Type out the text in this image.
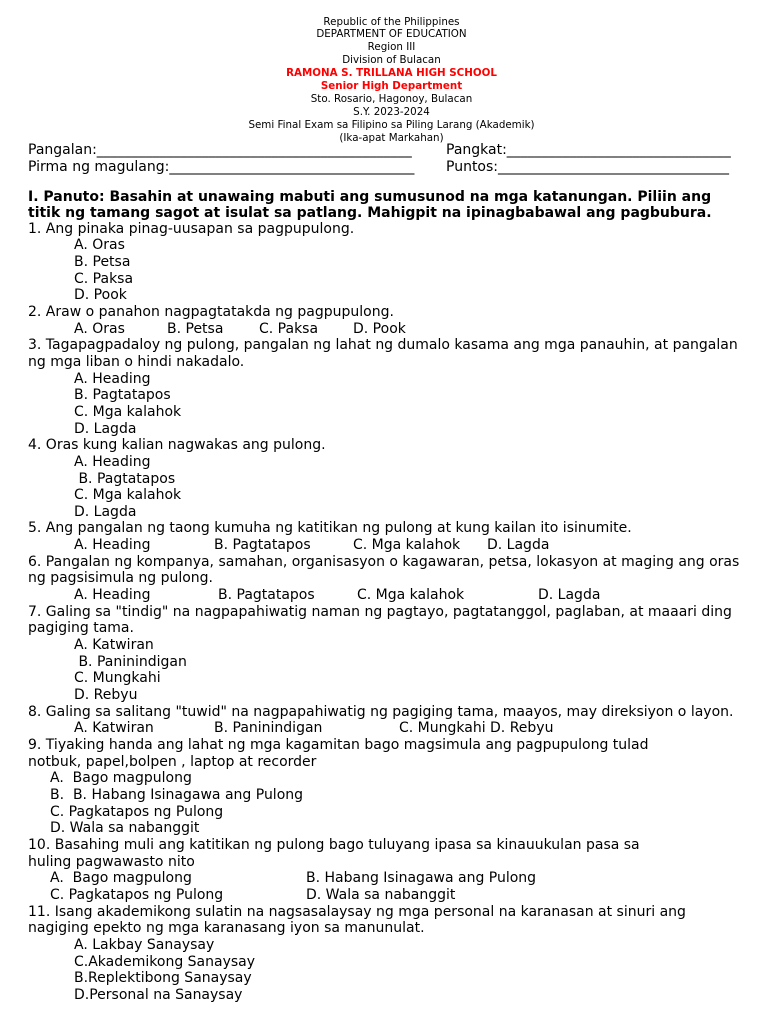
Republic of the Philippines
DEPARTMENT OF EDUCATION
Region III
Division of Bulacan
RAMONA S. TRILLANA HIGH SCHOOL
Senior High Department
Sto. Rosario, Hagonoy, Bulacan
S.Y. 2023-2024
Semi Final Exam sa Filipino sa Piling Larang (Akademik)
(Ika-apat Markahan)
Pangalan:_____________________________________________ Pangkat:________________________________
Pirma ng magulang:___________________________________ Puntos:_________________________________
I. Panuto: Basahin at unawaing mabuti ang sumusunod na mga katanungan. Piliin ang
titik ng tamang sagot at isulat sa patlang. Mahigpit na ipinagbabawal ang pagbubura.
1. Ang pinaka pinag-uusapan sa pagpupulong.
A. Oras
B. Petsa
C. Paksa
D. Pook
2. Araw o panahon nagpagtatakda ng pagpupulong.

A. Oras

	B. Petsa

	C. Paksa

D. Pook

3. Tagapagpadaloy ng pulong, pangalan ng lahat ng dumalo kasama ang mga panauhin, at pangalan
ng mga liban o hindi nakadalo.
A. Heading
B. Pagtatapos
C. Mga kalahok
D. Lagda
4. Oras kung kalian nagwakas ang pulong.
A. Heading
B. Pagtatapos
C. Mga kalahok
D. Lagda
5. Ang pangalan ng taong kumuha ng katitikan ng pulong at kung kailan ito isinumite.

A. Heading

	B. Pagtatapos

	C. Mga kalahok

D. Lagda

6. Pangalan ng kompanya, samahan, organisasyon o kagawaran, petsa, lokasyon at maging ang oras
ng pagsisimula ng pulong.

A. Heading

	B. Pagtatapos

	C. Mga kalahok

	D. Lagda

7. Galing sa "tindig" na nagpapahiwatig naman ng pagtayo, pagtatanggol, paglaban, at maaari ding
pagiging tama.
A. Katwiran
B. Paninindigan
C. Mungkahi
D. Rebyu
8. Galing sa salitang "tuwid" na nagpapahiwatig ng pagiging tama, maayos, may direksiyon o layon.

A. Katwiran

	B. Paninindigan

	C. Mungkahi D. Rebyu

9. Tiyaking handa ang lahat ng mga kagamitan bago magsimula ang pagpupulong tulad
notbuk, papel,bolpen , laptop at recorder
A.  Bago magpulong
B.  B. Habang Isinagawa ang Pulong
C. Pagkatapos ng Pulong
D. Wala sa nabanggit
10. Basahing muli ang katitikan ng pulong bago tuluyang ipasa sa kinauukulan pasa sa
huling pagwawasto nito

A.  Bago magpulong

	B. Habang Isinagawa ang Pulong

C. Pagkatapos ng Pulong

	D. Wala sa nabanggit

11. Isang akademikong sulatin na nagsasalaysay ng mga personal na karanasan at sinuri ang
nagiging epekto ng mga karanasang iyon sa manunulat.
A. Lakbay Sanaysay
C.Akademikong Sanaysay
B.Replektibong Sanaysay
D.Personal na Sanaysay
